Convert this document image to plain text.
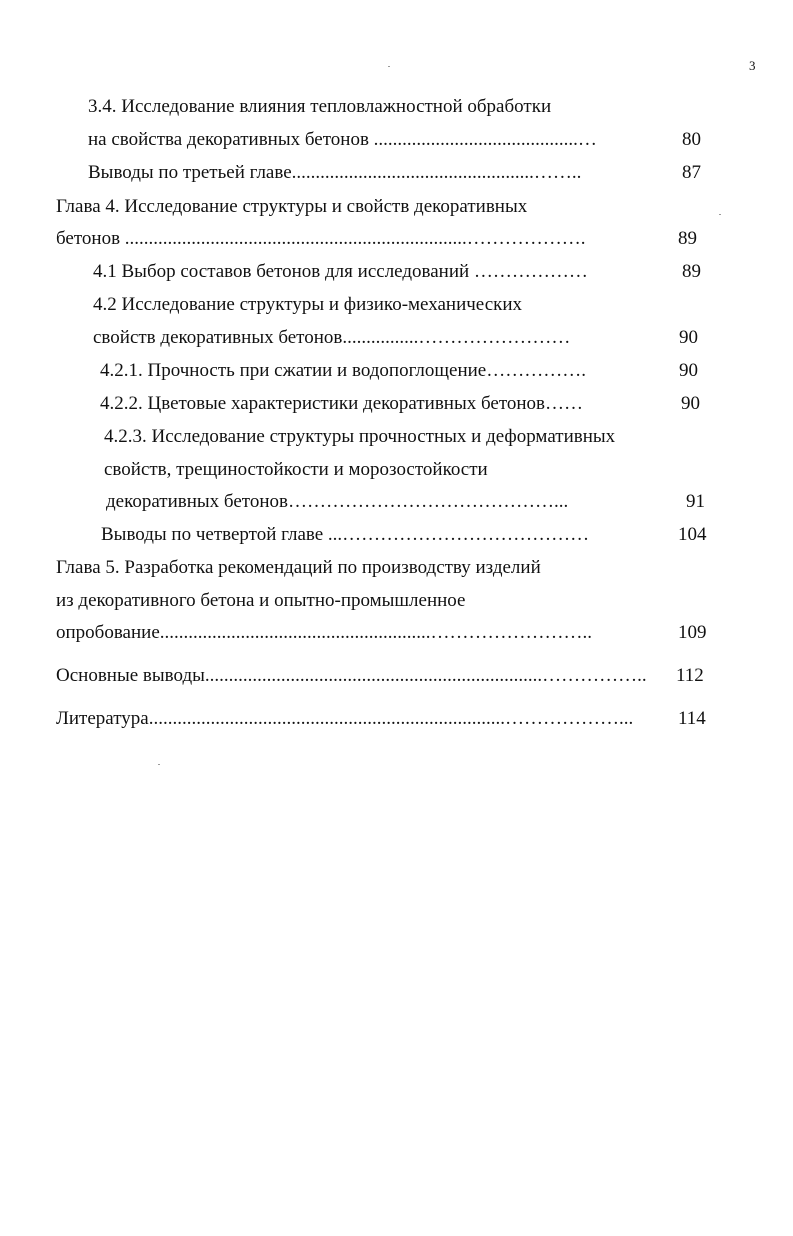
3
3.4. Исследование влияния тепловлажностной обработки
на свойства декоративных бетонов ...........................................…	80
Выводы по третьей главе...................................................……..	87
Глава 4. Исследование структуры и свойств декоративных
бетонов ........................................................................……………….	89
4.1 Выбор составов бетонов для исследований ………………	89
4.2 Исследование структуры и физико-механических
свойств декоративных бетонов................……………………	90
4.2.1. Прочность при сжатии и водопоглощение…………….	90
4.2.2. Цветовые характеристики декоративных бетонов……	90
4.2.3. Исследование структуры прочностных и деформативных
свойств, трещиностойкости и морозостойкости
декоративных бетонов……………………………………...	91
Выводы по четвертой главе ...…………………………………	104
Глава 5. Разработка рекомендаций по производству изделий
из декоративного бетона и опытно-промышленное
опробование.........................................................……………………..	109
Основные выводы.......................................................................…………….. 112
Литература...........................................................................………………... 114
